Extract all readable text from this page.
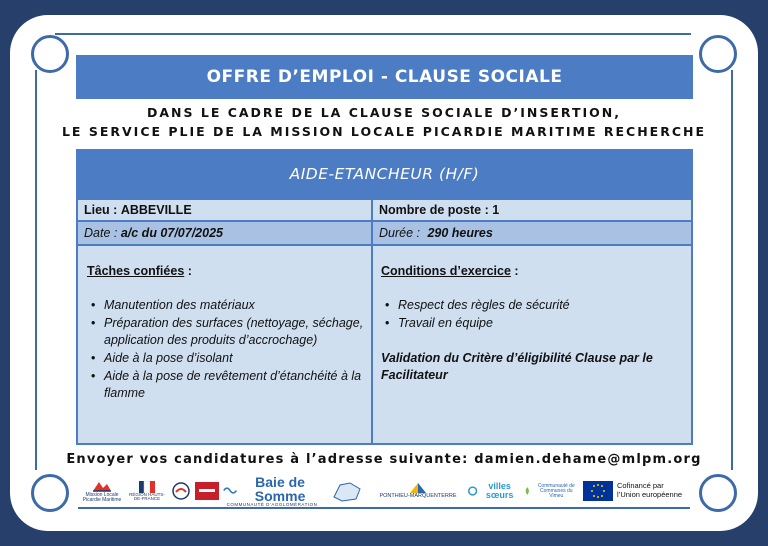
OFFRE D’EMPLOI - CLAUSE SOCIALE
DANS LE CADRE DE LA CLAUSE SOCIALE D’INSERTION,
LE SERVICE PLIE DE LA MISSION LOCALE PICARDIE MARITIME RECHERCHE
AIDE-ETANCHEUR (H/F)
Lieu : ABBEVILLE	Nombre de poste : 1
Date : a/c du 07/07/2025	Durée : 290 heures
Tâches confiées :
• Manutention des matériaux
• Préparation des surfaces (nettoyage, séchage, application des produits d’accrochage)
• Aide à la pose d’isolant
• Aide à la pose de revêtement d’étanchéité à la flamme
Conditions d’exercice :
• Respect des règles de sécurité
• Travail en équipe
Validation du Critère d’éligibilité Clause par le Facilitateur
Envoyer vos candidatures à l’adresse suivante: damien.dehame@mlpm.org
Mission Locale Picardie Maritime
RÉGION HAUTS-DE-FRANCE
Baie de Somme
COMMUNAUTÉ D’AGGLOMÉRATION
PONTHIEU-MARQUENTERRE
villes sœurs
Communauté de Communes du Vimeu
Cofinancé par
l’Union européenne
